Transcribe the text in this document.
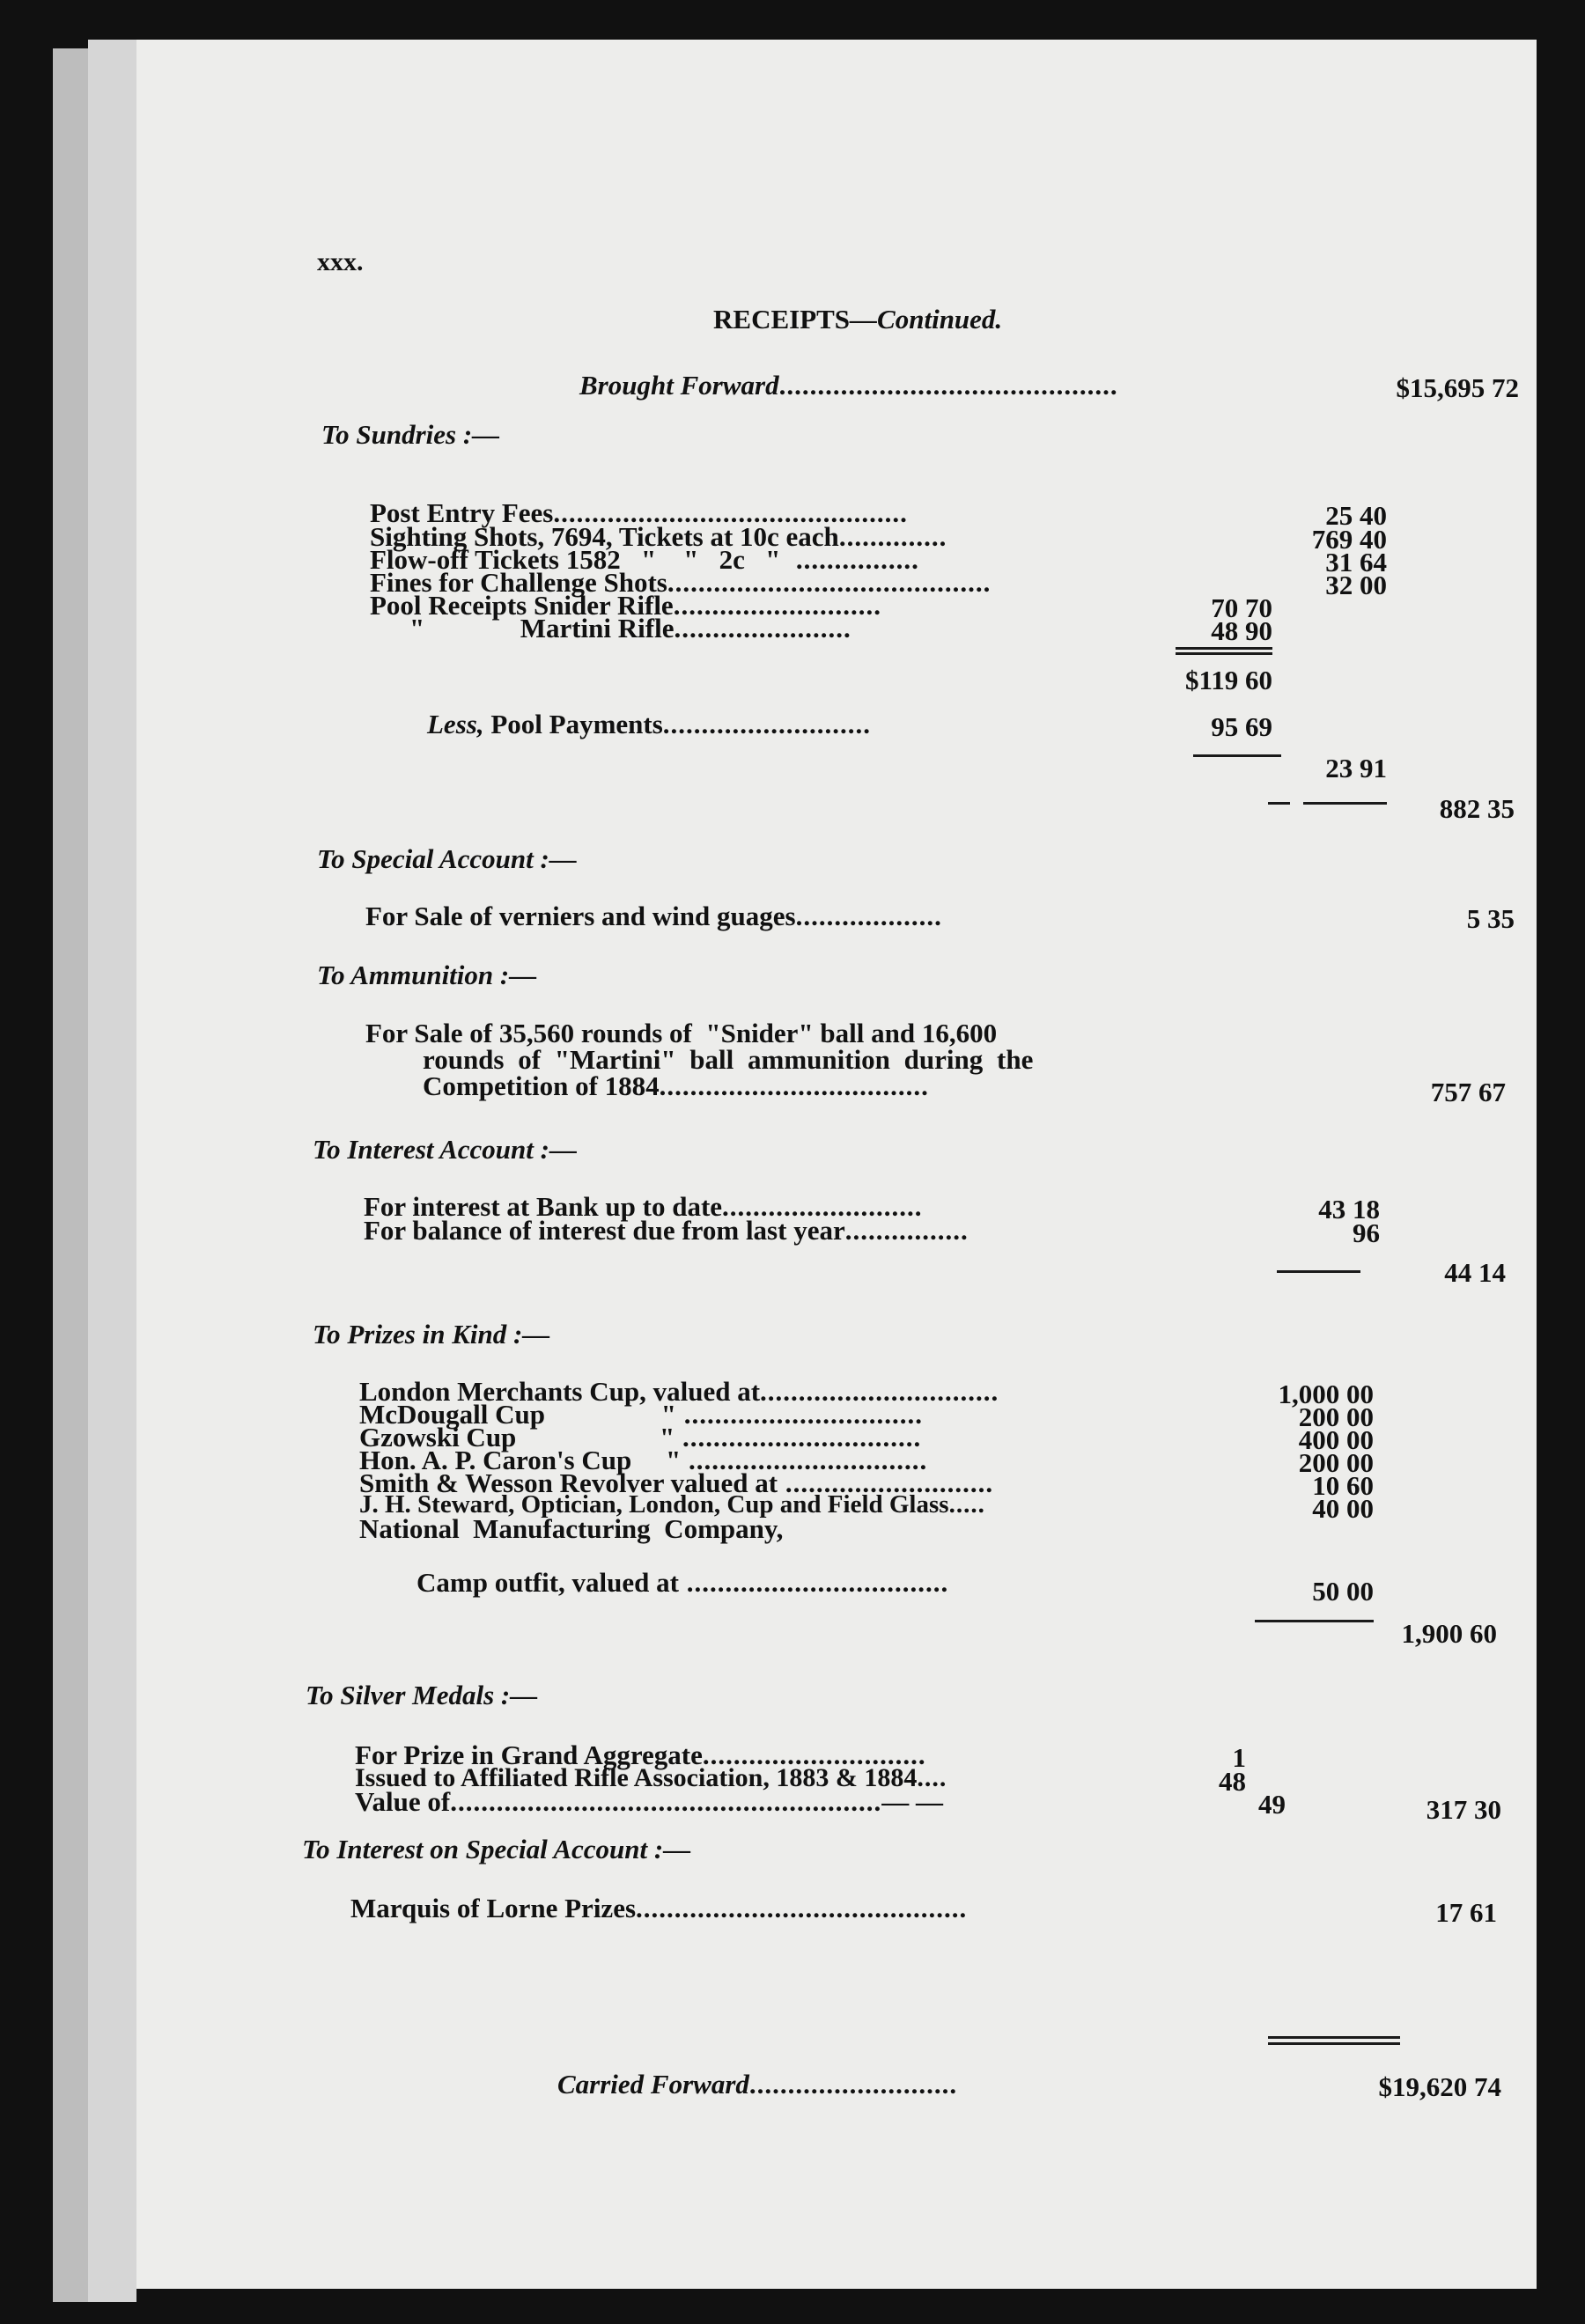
xxx.
RECEIPTS—Continued.
Brought Forward............................................	$15,695 72
To Sundries :—
Post Entry Fees..............................................	25 40
Sighting Shots, 7694, Tickets at 10c each..............	769 40
Flow-off Tickets 1582   "    "   2c   "  ................	31 64
Fines for Challenge Shots..........................................	32 00
Pool Receipts Snider Rifle...........................	70 70
"              Martini Rifle.......................	48 90
$119 60
Less, Pool Payments...........................	95 69
23 91
882 35
To Special Account :—
For Sale of verniers and wind guages...................	5 35
To Ammunition :—
For Sale of 35,560 rounds of  "Snider" ball and 16,600
rounds of "Martini" ball ammunition during the
Competition of 1884...................................	757 67
To Interest Account :—
For interest at Bank up to date..........................	43 18
For balance of interest due from last year................	96
44 14
To Prizes in Kind :—
London Merchants Cup, valued at...............................	1,000 00
McDougall Cup                 " ...............................	200 00
Gzowski Cup                     " ...............................	400 00
Hon. A. P. Caron's Cup     " ...............................	200 00
Smith & Wesson Revolver valued at ...........................	10 60
J. H. Steward, Optician, London, Cup and Field Glass.....	40 00
National  Manufacturing  Company,
Camp outfit, valued at ..................................	50 00
1,900 60
To Silver Medals :—
For Prize in Grand Aggregate.............................	1
Issued to Affiliated Rifle Association, 1883 & 1884....	48
Value of........................................................— —	49	317 30
To Interest on Special Account :—
Marquis of Lorne Prizes...........................................	17 61
Carried Forward...........................	$19,620 74
